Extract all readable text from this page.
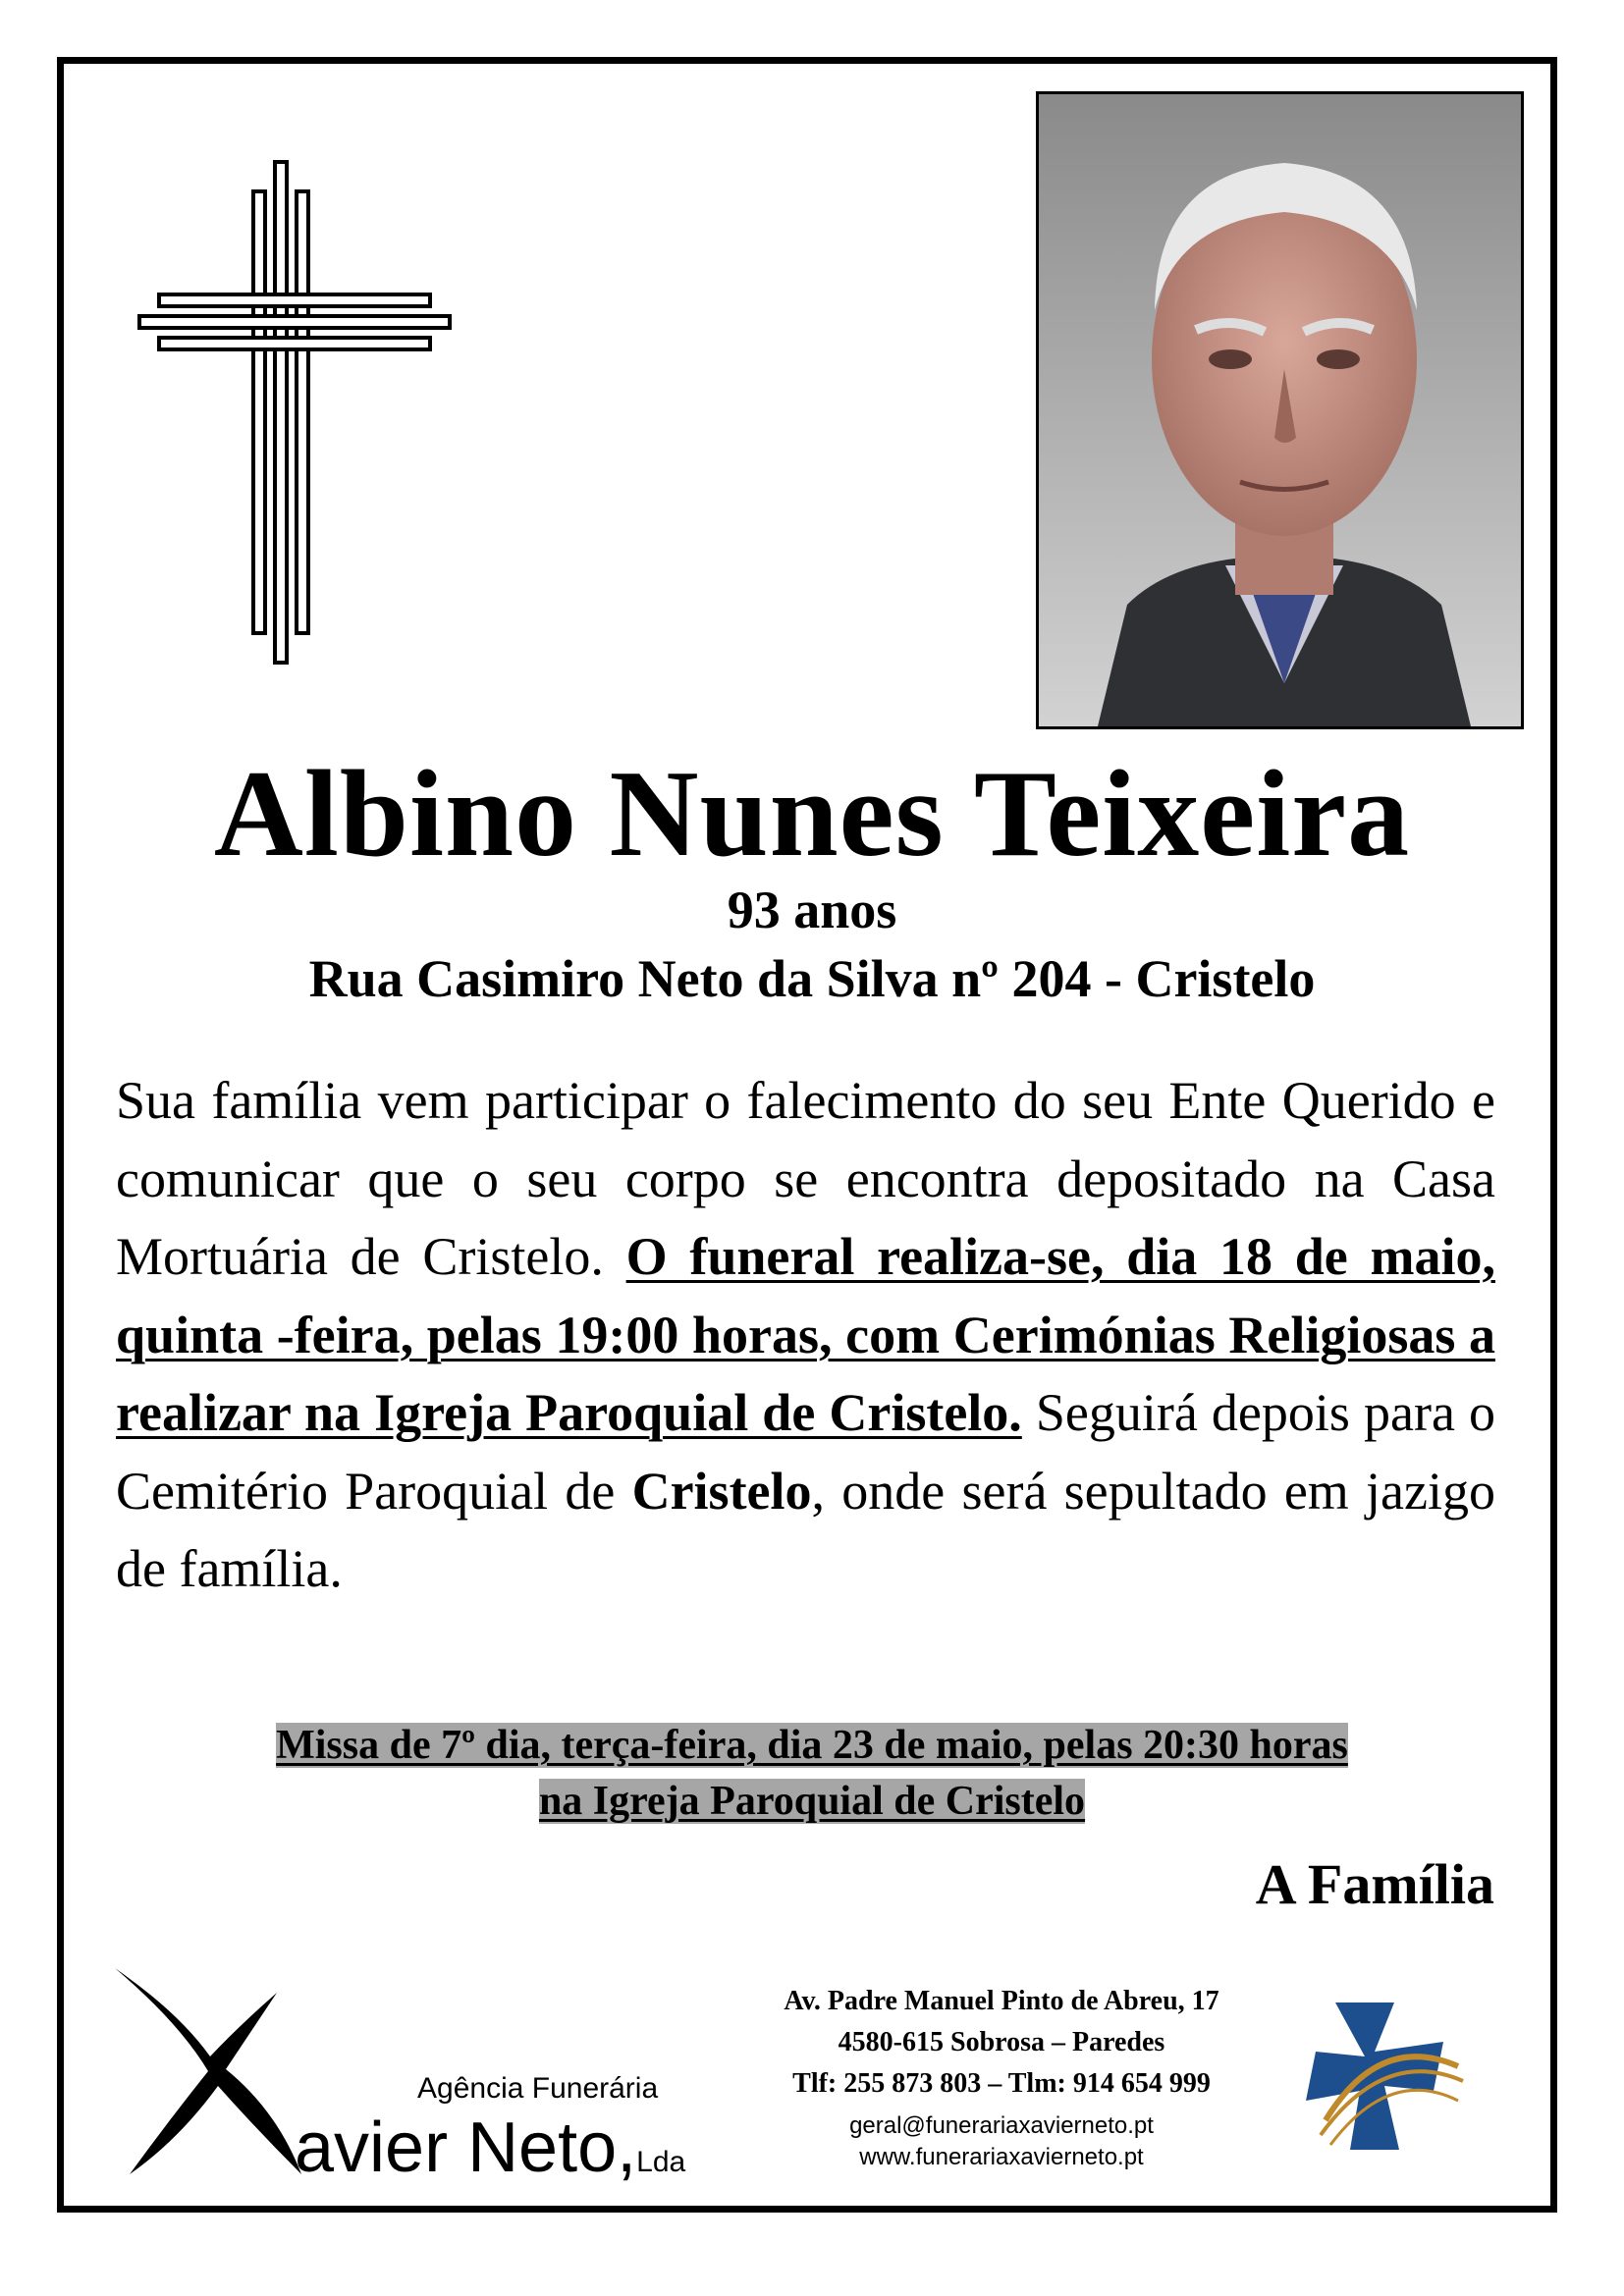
Albino Nunes Teixeira
93 anos
Rua Casimiro Neto da Silva nº 204 - Cristelo
Sua família vem participar o falecimento do seu Ente Querido e comunicar que o seu corpo se encontra depositado na Casa Mortuária de Cristelo. O funeral realiza-se, dia 18 de maio, quinta -feira, pelas 19:00 horas, com Cerimónias Religiosas a realizar na Igreja Paroquial de Cristelo. Seguirá depois para o Cemitério Paroquial de Cristelo, onde será sepultado em jazigo de família.
Missa de 7º dia, terça-feira, dia 23 de maio, pelas 20:30 horas
na Igreja Paroquial de Cristelo
A Família
Agência Funerária
avier Neto,Lda
Av. Padre Manuel Pinto de Abreu, 17
4580-615 Sobrosa – Paredes
Tlf: 255 873 803 – Tlm: 914 654 999
geral@funerariaxavierneto.pt
www.funerariaxavierneto.pt
